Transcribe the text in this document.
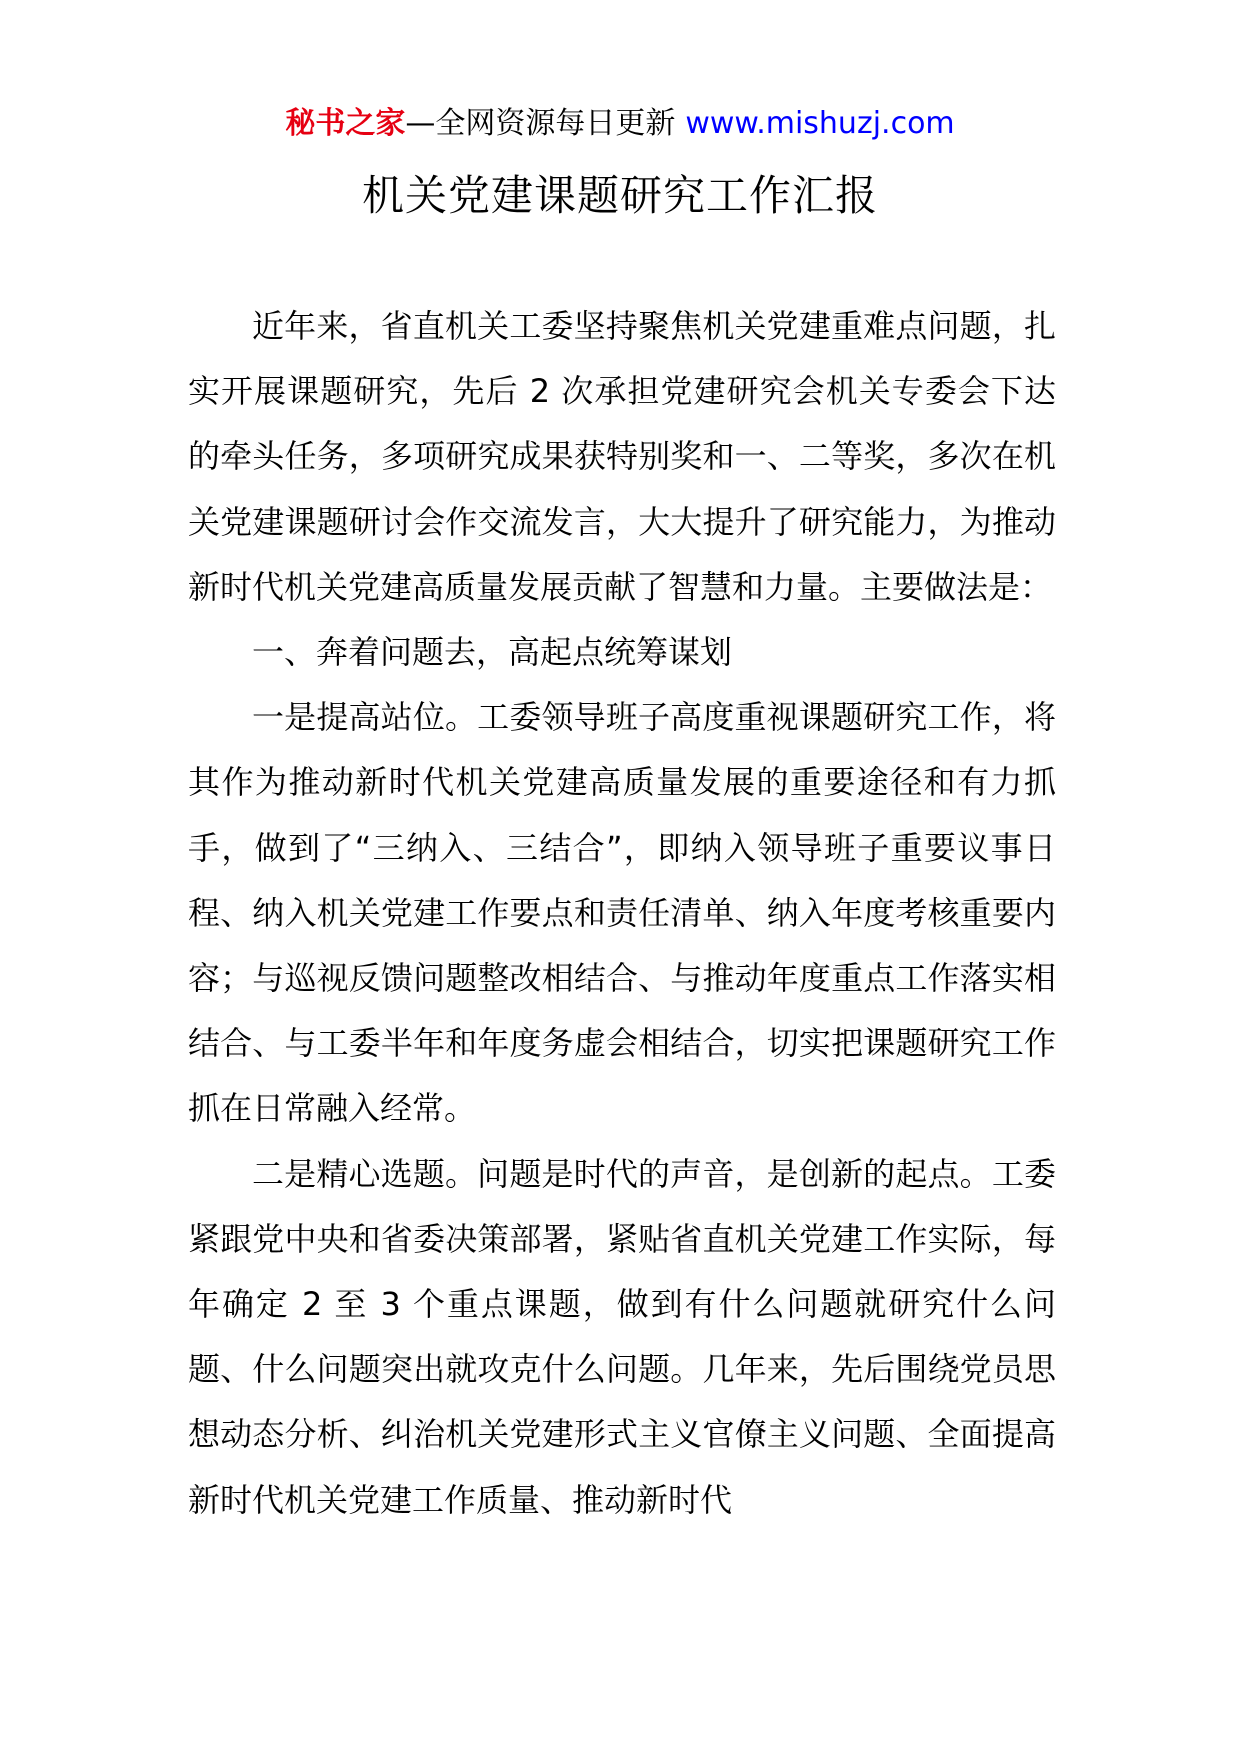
秘书之家—全网资源每日更新 www.mishuzj.com
机关党建课题研究工作汇报

近年来，省直机关工委坚持聚焦机关党建重难点问题，扎实开展课题研究，先后 2 次承担党建研究会机关专委会下达的牵头任务，多项研究成果获特别奖和一、二等奖，多次在机关党建课题研讨会作交流发言，大大提升了研究能力，为推动新时代机关党建高质量发展贡献了智慧和力量。主要做法是：

一、奔着问题去，高起点统筹谋划

一是提高站位。工委领导班子高度重视课题研究工作，将其作为推动新时代机关党建高质量发展的重要途径和有力抓手，做到了“三纳入、三结合”，即纳入领导班子重要议事日程、纳入机关党建工作要点和责任清单、纳入年度考核重要内容；与巡视反馈问题整改相结合、与推动年度重点工作落实相结合、与工委半年和年度务虚会相结合，切实把课题研究工作抓在日常融入经常。

二是精心选题。问题是时代的声音，是创新的起点。工委紧跟党中央和省委决策部署，紧贴省直机关党建工作实际，每年确定 2 至 3 个重点课题，做到有什么问题就研究什么问题、什么问题突出就攻克什么问题。几年来，先后围绕党员思想动态分析、纠治机关党建形式主义官僚主义问题、全面提高新时代机关党建工作质量、推动新时代
